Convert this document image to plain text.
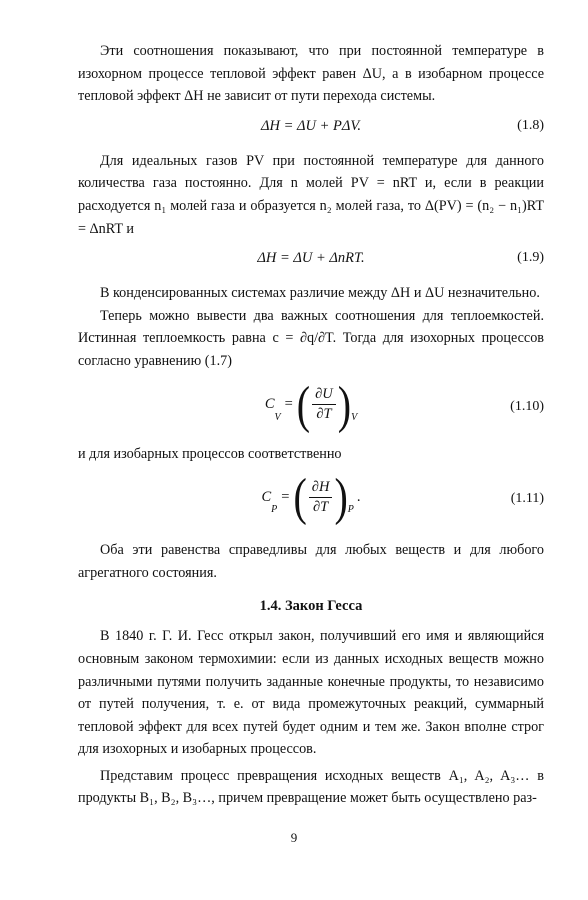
Эти соотношения показывают, что при постоянной температуре в изохорном процессе тепловой эффект равен ΔU, а в изобарном процессе тепловой эффект ΔH не зависит от пути перехода системы.

ΔH = ΔU + PΔV.	(1.8)

Для идеальных газов PV при постоянной температуре для данного количества газа постоянно. Для n молей PV = nRT и, если в реакции расходуется n₁ молей газа и образуется n₂ молей газа, то Δ(PV) = (n₂ − n₁)RT = ΔnRT и

ΔH = ΔU + ΔnRT.	(1.9)

В конденсированных системах различие между ΔH и ΔU незначительно.

Теперь можно вывести два важных соотношения для теплоемкостей. Истинная теплоемкость равна c = ∂q/∂T. Тогда для изохорных процессов согласно уравнению (1.7)

C
V
= ( $\frac{\partial U}{\partial T}$ ) V
(1.10)

и для изобарных процессов соответственно

C
P
= ( $\frac{\partial H}{\partial T}$ ) P
.	(1.11)

Оба эти равенства справедливы для любых веществ и для любого агрегатного состояния.

1.4. Закон Гесса

В 1840 г. Г. И. Гесс открыл закон, получивший его имя и являющийся основным законом термохимии: если из данных исходных веществ можно различными путями получить заданные конечные продукты, то независимо от путей получения, т. е. от вида промежуточных реакций, суммарный тепловой эффект для всех путей будет одним и тем же. Закон вполне строг для изохорных и изобарных процессов.

Представим процесс превращения исходных веществ A₁, A₂, A₃… в продукты B₁, B₂, B₃…, причем превращение может быть осуществлено раз-

9
